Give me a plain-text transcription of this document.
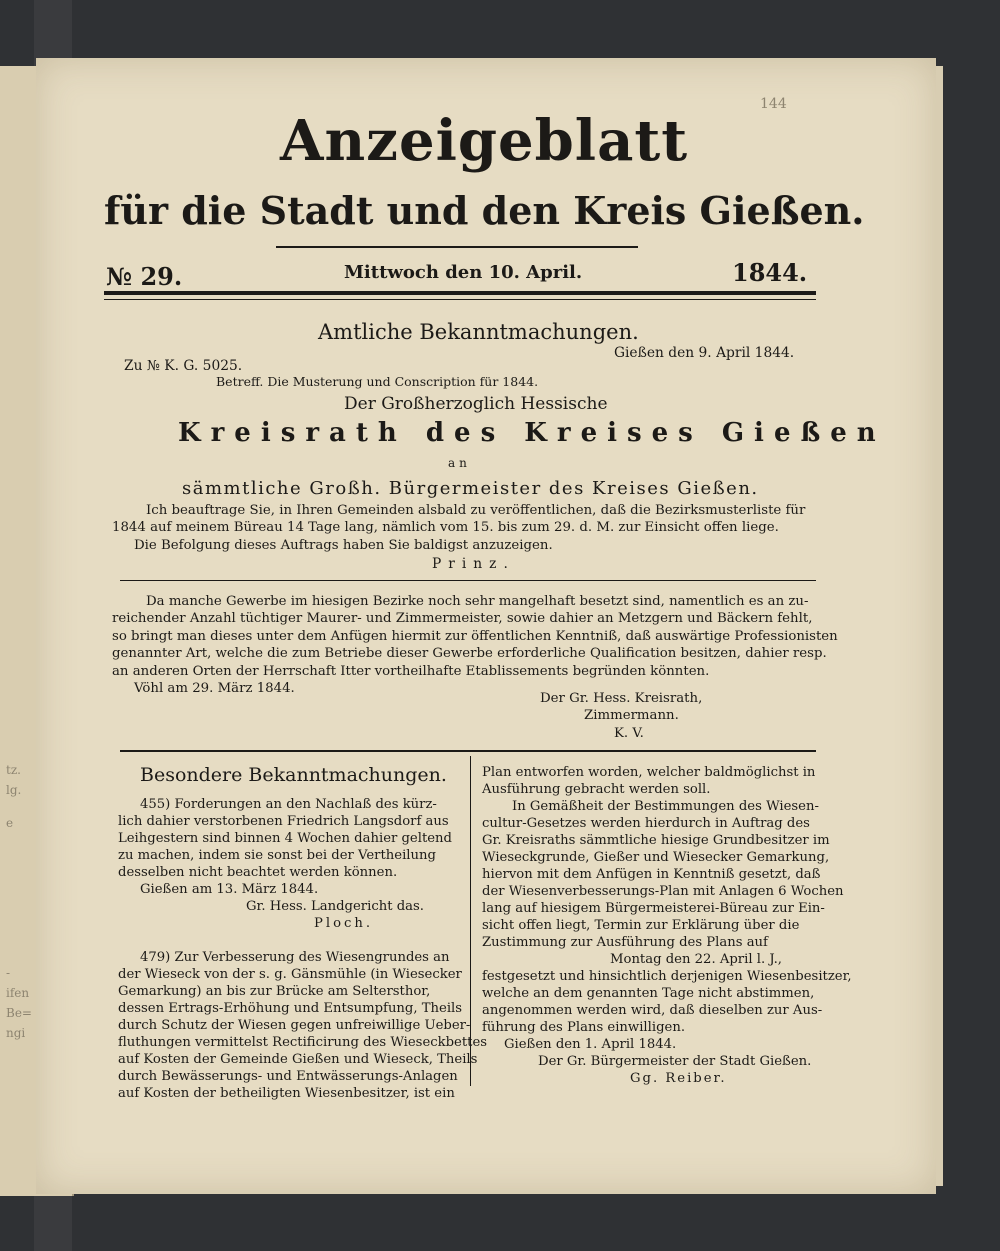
tz.
lg.
e
-
ifen
Be=
ngi
144
Anzeigeblatt
für die Stadt und den Kreis Gießen.
№ 29.	Mittwoch den 10. April.	1844.
Amtliche Bekanntmachungen.
Gießen den 9. April 1844.
Zu № K. G. 5025.
Betreff. Die Musterung und Conscription für 1844.
Der Großherzoglich Hessische
Kreisrath des Kreises Gießen
an
sämmtliche Großh. Bürgermeister des Kreises Gießen.
Ich beauftrage Sie, in Ihren Gemeinden alsbald zu veröffentlichen, daß die Bezirksmusterliste für
1844 auf meinem Büreau 14 Tage lang, nämlich vom 15. bis zum 29. d. M. zur Einsicht offen liege.
Die Befolgung dieses Auftrags haben Sie baldigst anzuzeigen.
Prinz.
Da manche Gewerbe im hiesigen Bezirke noch sehr mangelhaft besetzt sind, namentlich es an zu-
reichender Anzahl tüchtiger Maurer- und Zimmermeister, sowie dahier an Metzgern und Bäckern fehlt,
so bringt man dieses unter dem Anfügen hiermit zur öffentlichen Kenntniß, daß auswärtige Professionisten
genannter Art, welche die zum Betriebe dieser Gewerbe erforderliche Qualification besitzen, dahier resp.
an anderen Orten der Herrschaft Itter vortheilhafte Etablissements begründen könnten.
Vöhl am 29. März 1844.
Der Gr. Hess. Kreisrath,
Zimmermann.
K. V.
Besondere Bekanntmachungen.
455) Forderungen an den Nachlaß des kürz-
lich dahier verstorbenen Friedrich Langsdorf aus
Leihgestern sind binnen 4 Wochen dahier geltend
zu machen, indem sie sonst bei der Vertheilung
desselben nicht beachtet werden können.
Gießen am 13. März 1844.
Gr. Hess. Landgericht das.
Ploch.
479) Zur Verbesserung des Wiesengrundes an
der Wieseck von der s. g. Gänsmühle (in Wiesecker
Gemarkung) an bis zur Brücke am Seltersthor,
dessen Ertrags-Erhöhung und Entsumpfung, Theils
durch Schutz der Wiesen gegen unfreiwillige Ueber-
fluthungen vermittelst Rectificirung des Wieseckbettes
auf Kosten der Gemeinde Gießen und Wieseck, Theils
durch Bewässerungs- und Entwässerungs-Anlagen
auf Kosten der betheiligten Wiesenbesitzer, ist ein
Plan entworfen worden, welcher baldmöglichst in
Ausführung gebracht werden soll.
In Gemäßheit der Bestimmungen des Wiesen-
cultur-Gesetzes werden hierdurch in Auftrag des
Gr. Kreisraths sämmtliche hiesige Grundbesitzer im
Wieseckgrunde, Gießer und Wiesecker Gemarkung,
hiervon mit dem Anfügen in Kenntniß gesetzt, daß
der Wiesenverbesserungs-Plan mit Anlagen 6 Wochen
lang auf hiesigem Bürgermeisterei-Büreau zur Ein-
sicht offen liegt, Termin zur Erklärung über die
Zustimmung zur Ausführung des Plans auf
Montag den 22. April l. J.,
festgesetzt und hinsichtlich derjenigen Wiesenbesitzer,
welche an dem genannten Tage nicht abstimmen,
angenommen werden wird, daß dieselben zur Aus-
führung des Plans einwilligen.
Gießen den 1. April 1844.
Der Gr. Bürgermeister der Stadt Gießen.
Gg. Reiber.
